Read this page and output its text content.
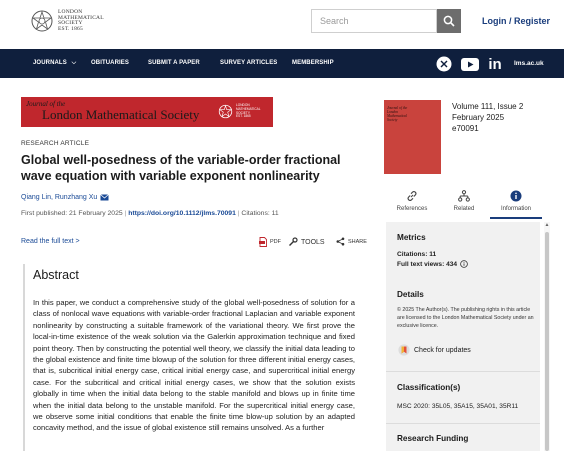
LONDON
MATHEMATICAL
SOCIETY
EST. 1865
Search	Login / Register
JOURNALS ⌵ OBITUARIES	SUBMIT A PAPER	SURVEY ARTICLES MEMBERSHIP	in lms.ac.uk
Journal of the
London Mathematical Society
LONDON
MATHEMATICAL
SOCIETY
EST. 1865
RESEARCH ARTICLE
Global well-posedness of the variable-order fractional wave equation with variable exponent nonlinearity
Qiang Lin, Runzhang Xu
First published: 21 February 2025 | https://doi.org/10.1112/jlms.70091 | Citations: 11
Read the full text >	PDF	TOOLS	SHARE
Abstract
In this paper, we conduct a comprehensive study of the global well-posedness of solution for a class of nonlocal wave equations with variable-order fractional Laplacian and variable exponent nonlinearity by constructing a suitable framework of the variational theory. We first prove the local-in-time existence of the weak solution via the Galerkin approximation technique and fixed point theory. Then by constructing the potential well theory, we classify the initial data leading to the global existence and finite time blowup of the solution for three different initial energy cases, that is, subcritical initial energy case, critical initial energy case, and supercritical initial energy case. For the subcritical and critical initial energy cases, we show that the solution exists globally in time when the initial data belong to the stable manifold and blows up in finite time when the initial data belong to the unstable manifold. For the supercritical initial energy case, we observe some initial conditions that enable the finite time blow-up solution by an adapted concavity method, and the issue of global existence still remains unsolved. As a further
Journal of the
London
Mathematical
Society
Volume 111, Issue 2
February 2025
e70091
References	Related	Information
▲
Metrics
Citations: 11
Full text views: 434
Details
© 2025 The Author(s). The publishing rights in this article are licensed to the London Mathematical Society under an exclusive licence.
Check for updates
Classification(s)
MSC 2020: 35L05, 35A15, 35A01, 35R11
Research Funding
